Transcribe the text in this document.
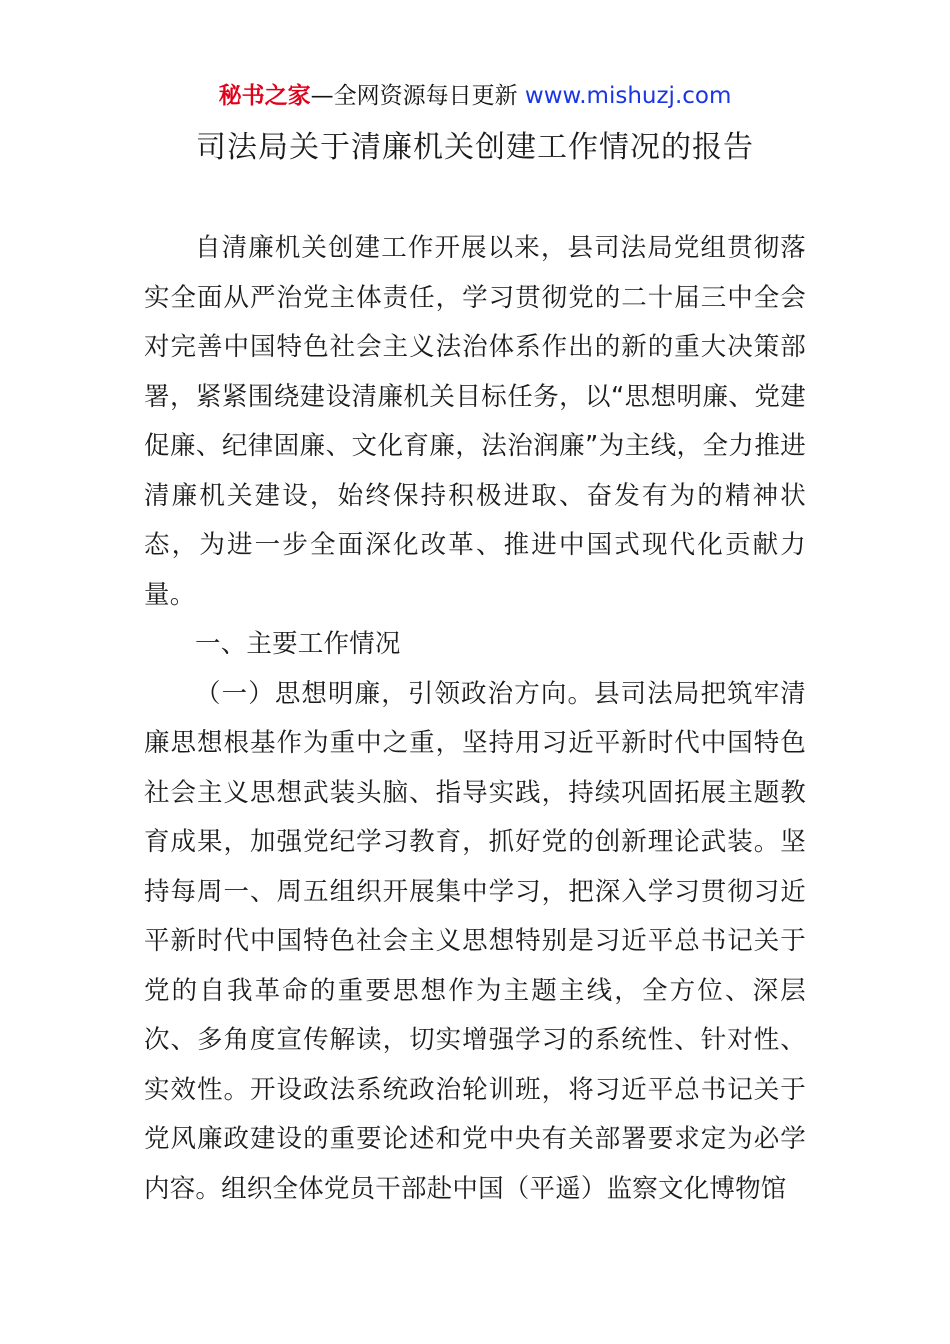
秘书之家—全网资源每日更新 www.mishuzj.com
司法局关于清廉机关创建工作情况的报告

自清廉机关创建工作开展以来，县司法局党组贯彻落实全面从严治党主体责任，学习贯彻党的二十届三中全会对完善中国特色社会主义法治体系作出的新的重大决策部署，紧紧围绕建设清廉机关目标任务，以“思想明廉、党建促廉、纪律固廉、文化育廉，法治润廉”为主线，全力推进清廉机关建设，始终保持积极进取、奋发有为的精神状态，为进一步全面深化改革、推进中国式现代化贡献力量。

一、主要工作情况

（一）思想明廉，引领政治方向。县司法局把筑牢清廉思想根基作为重中之重，坚持用习近平新时代中国特色社会主义思想武装头脑、指导实践，持续巩固拓展主题教育成果，加强党纪学习教育，抓好党的创新理论武装。坚持每周一、周五组织开展集中学习，把深入学习贯彻习近平新时代中国特色社会主义思想特别是习近平总书记关于党的自我革命的重要思想作为主题主线，全方位、深层次、多角度宣传解读，切实增强学习的系统性、针对性、实效性。开设政法系统政治轮训班，将习近平总书记关于党风廉政建设的重要论述和党中央有关部署要求定为必学内容。组织全体党员干部赴中国（平遥）监察文化博物馆
